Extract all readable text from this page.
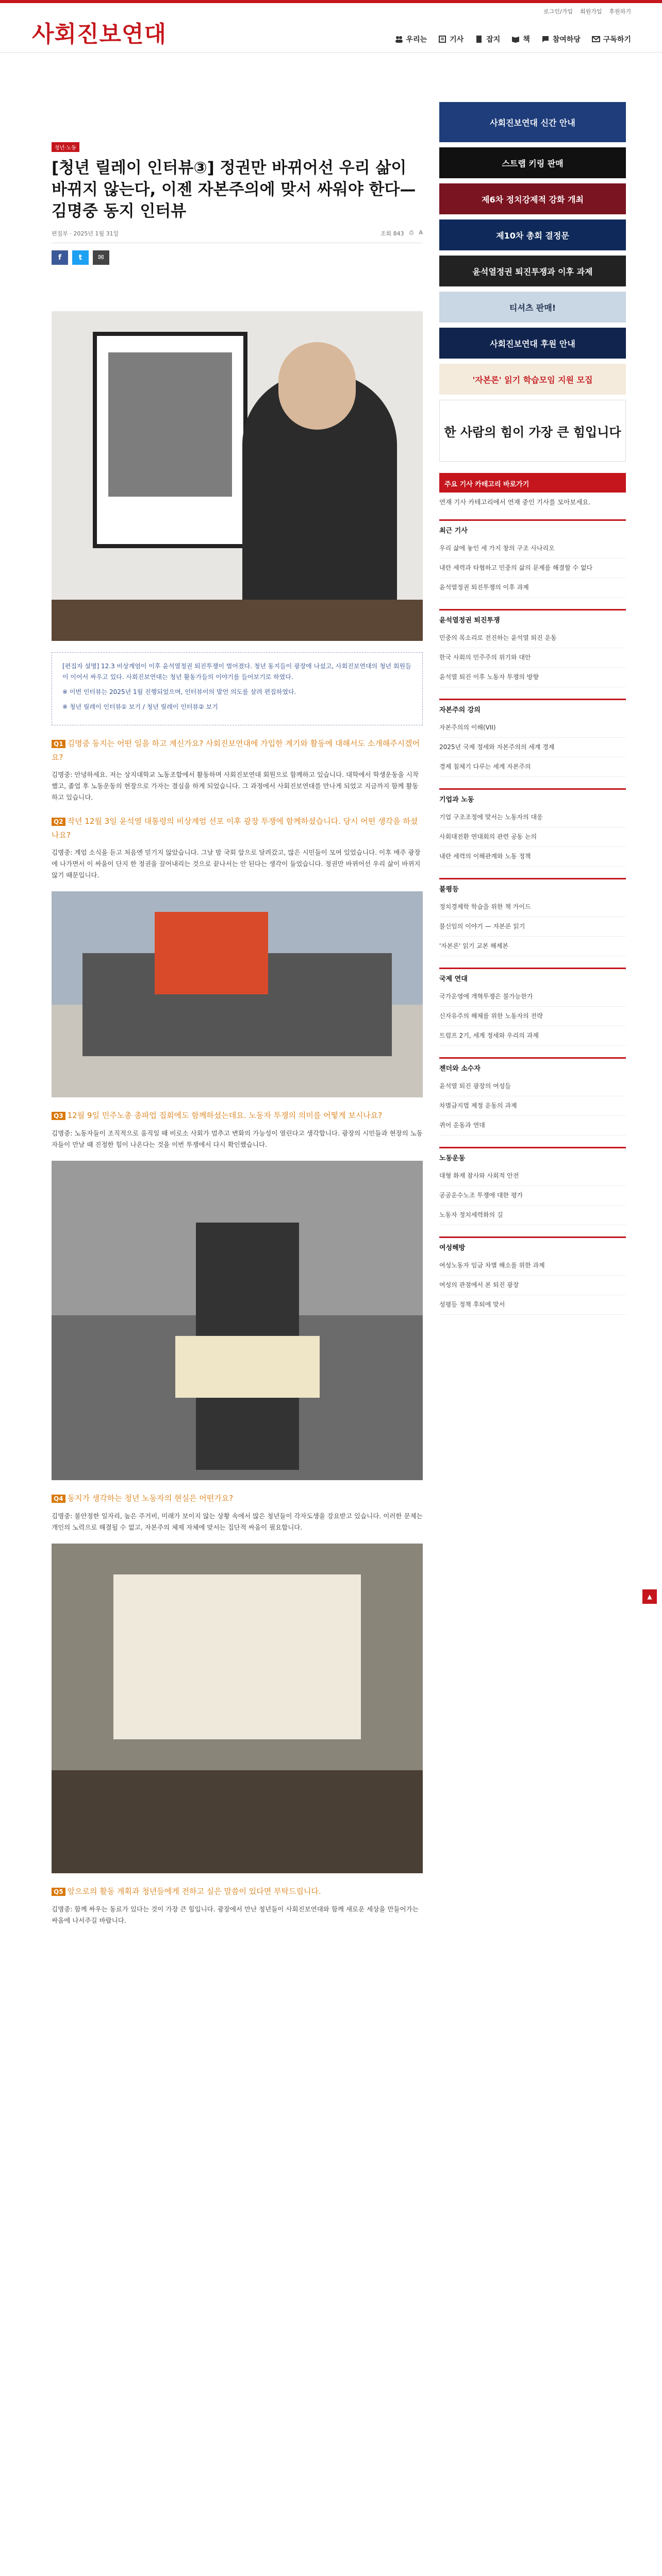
사회진보연대
로그인/가입 회원가입 후원하기
우리는	기사	잡지	책	참여하당	구독하기
청년·노동
[청년 릴레이 인터뷰③] 정권만 바뀌어선 우리 삶이 바뀌지 않는다, 이젠 자본주의에 맞서 싸워야 한다—김명중 동지 인터뷰
편집부 · 2025년 1월 31일	조회 843 ⎙ A
f	t	✉

[편집자 설명] 12.3 비상계엄이 이후 윤석열정권 퇴진투쟁이 벌어졌다. 청년 동지들이 광장에 나섰고, 사회진보연대의 청년 회원들이 이어서 싸우고 있다. 사회진보연대는 청년 활동가들의 이야기를 들어보기로 하였다.

※ 이번 인터뷰는 2025년 1월 진행되었으며, 인터뷰이의 발언 의도를 살려 편집하였다.

※ 청년 릴레이 인터뷰① 보기 / 청년 릴레이 인터뷰② 보기

Q1 김명중 동지는 어떤 일을 하고 계신가요? 사회진보연대에 가입한 계기와 활동에 대해서도 소개해주시겠어요?
김명중: 안녕하세요. 저는 상지대학교 노동조합에서 활동하며 사회진보연대 회원으로 함께하고 있습니다. 대학에서 학생운동을 시작했고, 졸업 후 노동운동의 현장으로 가자는 결심을 하게 되었습니다. 그 과정에서 사회진보연대를 만나게 되었고 지금까지 함께 활동하고 있습니다.
Q2 작년 12월 3일 윤석열 대통령의 비상계엄 선포 이후 광장 투쟁에 함께하셨습니다. 당시 어떤 생각을 하셨나요?
김명중: 계엄 소식을 듣고 처음엔 믿기지 않았습니다. 그날 밤 국회 앞으로 달려갔고, 많은 시민들이 모여 있었습니다. 이후 매주 광장에 나가면서 이 싸움이 단지 한 정권을 끌어내리는 것으로 끝나서는 안 된다는 생각이 들었습니다. 정권만 바뀌어선 우리 삶이 바뀌지 않기 때문입니다.
Q3 12월 9일 민주노총 총파업 집회에도 함께하셨는데요. 노동자 투쟁의 의미를 어떻게 보시나요?
김명중: 노동자들이 조직적으로 움직일 때 비로소 사회가 멈추고 변화의 가능성이 열린다고 생각합니다. 광장의 시민들과 현장의 노동자들이 만날 때 진정한 힘이 나온다는 것을 이번 투쟁에서 다시 확인했습니다.
Q4 동지가 생각하는 청년 노동자의 현실은 어떤가요?
김명중: 불안정한 일자리, 높은 주거비, 미래가 보이지 않는 상황 속에서 많은 청년들이 각자도생을 강요받고 있습니다. 이러한 문제는 개인의 노력으로 해결될 수 없고, 자본주의 체제 자체에 맞서는 집단적 싸움이 필요합니다.
Q5 앞으로의 활동 계획과 청년들에게 전하고 싶은 말씀이 있다면 부탁드립니다.
김명중: 함께 싸우는 동료가 있다는 것이 가장 큰 힘입니다. 광장에서 만난 청년들이 사회진보연대와 함께 새로운 세상을 만들어가는 싸움에 나서주길 바랍니다.
사회진보연대 신간 안내
스트랩 키링 판매
제6차 정치강제적 강화 개최
제10차 총회 결정문
윤석열정권 퇴진투쟁과 이후 과제
티셔츠 판매!
사회진보연대 후원 안내
'자본론' 읽기 학습모임 지원 모집
한 사람의 힘이 가장 큰 힘입니다
주요 기사 카테고리 바로가기
연재 기사 카테고리에서 연재 중인 기사를 모아보세요.
최근 기사
우리 삶에 놓인 세 가지 창의 구조 사나리오
내란 세력과 타협하고 민중의 삶의 문제를 해결할 수 없다
윤석열정권 퇴진투쟁의 이후 과제
윤석열정권 퇴진투쟁
민중의 목소리로 전진하는 윤석열 퇴진 운동
한국 사회의 민주주의 위기와 대안
윤석열 퇴진 이후 노동자 투쟁의 방향
자본주의 강의
자본주의의 이해(VII)
2025년 국제 정세와 자본주의의 세계 경제
경제 침체기 다루는 세계 자본주의
기업과 노동
기업 구조조정에 맞서는 노동자의 대응
사회대전환 연대회의 관련 공동 논의
내란 세력의 이해관계와 노동 정책
불평등
정치경제학 학습을 위한 책 가이드
불신임의 이야기 — 자본론 읽기
'자본론' 읽기 교본 해제본
국제 연대
국가운영에 개혁투쟁은 불가능한가
신자유주의 해체를 위한 노동자의 전략
트럼프 2기, 세계 정세와 우리의 과제
젠더와 소수자
윤석열 퇴진 광장의 여성들
차별금지법 제정 운동의 과제
퀴어 운동과 연대
노동운동
대형 화재 참사와 사회적 안전
공공운수노조 투쟁에 대한 평가
노동자 정치세력화의 길
여성해방
여성노동자 임금 차별 해소를 위한 과제
여성의 관점에서 본 퇴진 광장
성평등 정책 후퇴에 맞서
▲
